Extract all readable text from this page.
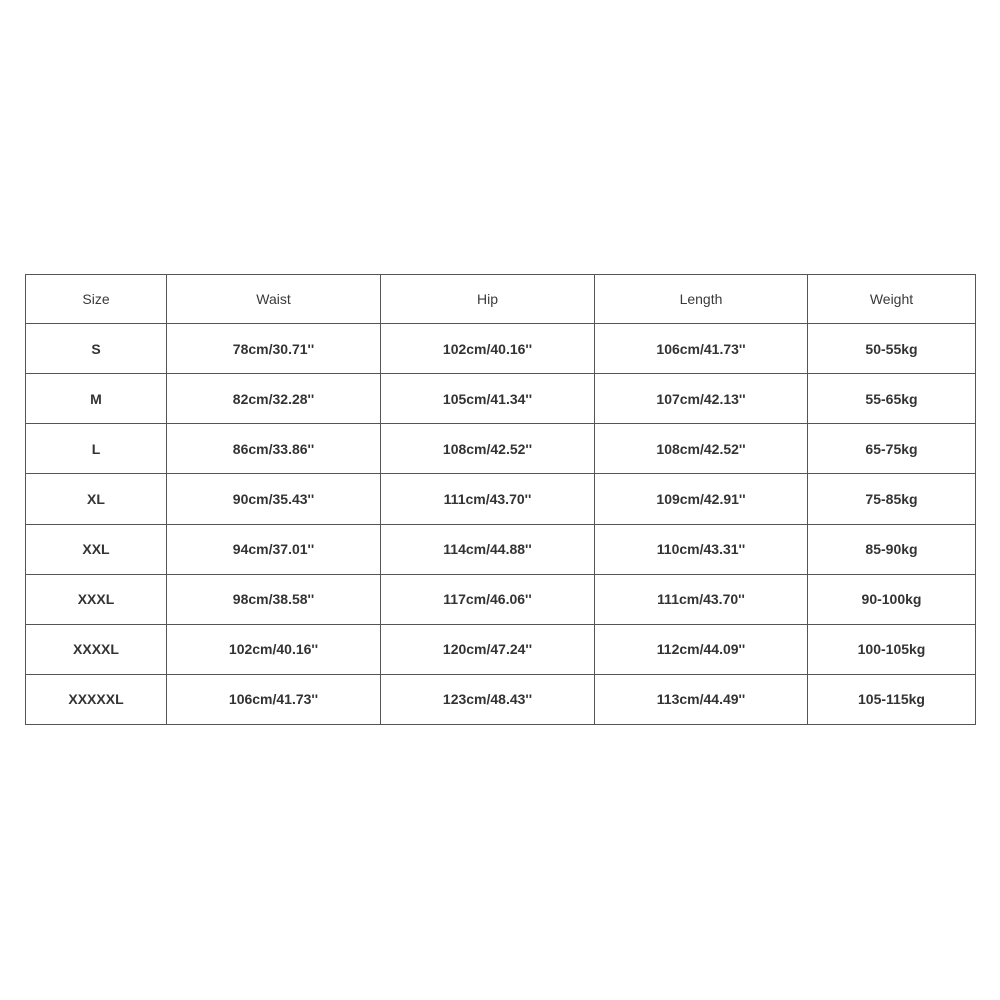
Size	Waist	Hip	Length	Weight
S	78cm/30.71''	102cm/40.16''	106cm/41.73''	50-55kg
M	82cm/32.28''	105cm/41.34''	107cm/42.13''	55-65kg
L	86cm/33.86''	108cm/42.52''	108cm/42.52''	65-75kg
XL	90cm/35.43''	111cm/43.70''	109cm/42.91''	75-85kg
XXL	94cm/37.01''	114cm/44.88''	110cm/43.31''	85-90kg
XXXL	98cm/38.58''	117cm/46.06''	111cm/43.70''	90-100kg
XXXXL	102cm/40.16''	120cm/47.24''	112cm/44.09''	100-105kg
XXXXXL	106cm/41.73''	123cm/48.43''	113cm/44.49''	105-115kg
